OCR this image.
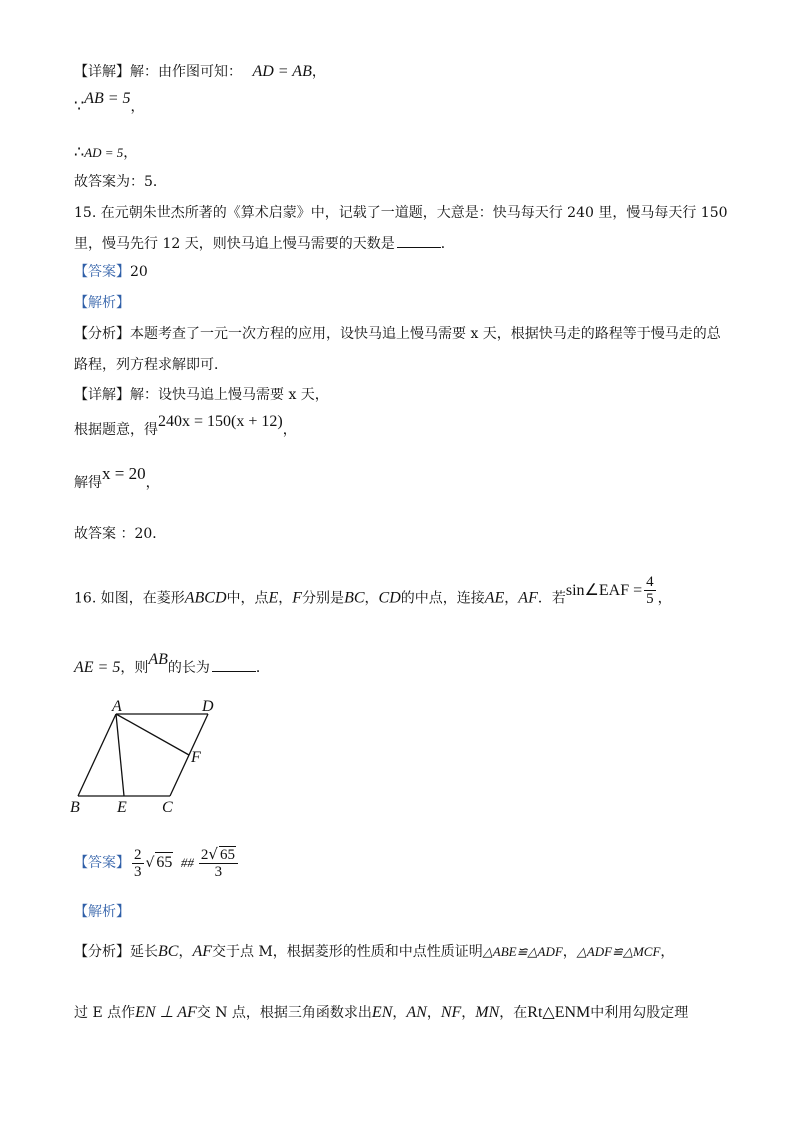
【详解】解：由作图可知： AD = AB，
∵AB = 5，
∴AD = 5，
故答案为：5．
15. 在元朝朱世杰所著的《算术启蒙》中，记载了一道题，大意是：快马每天行 240 里，慢马每天行 150
里，慢马先行 12 天，则快马追上慢马需要的天数是	．
【答案】20
【解析】
【分析】本题考查了一元一次方程的应用，设快马追上慢马需要 x 天，根据快马走的路程等于慢马走的总
路程，列方程求解即可．
【详解】解：设快马追上慢马需要 x 天，
根据题意，得240x = 150(x + 12)，
解得x = 20，
故答案 ：20．
16. 如图，在菱形ABCD中，点E，F分别是BC，CD的中点，连接AE，AF．若sin∠EAF = $\frac{4}{5}$ ，
AE = 5，则AB的长为	．
A	D
F
B E C
【答案】 $\frac{2}{3}$ √ 65 ## $\frac{2√ 65}{3}$
【解析】
【分析】延长BC，AF交于点 M，根据菱形的性质和中点性质证明△ABE≌△ADF，△ADF≌△MCF，
过 E 点作EN ⊥ AF交 N 点，根据三角函数求出EN，AN，NF，MN，在Rt△ENM中利用勾股定理
